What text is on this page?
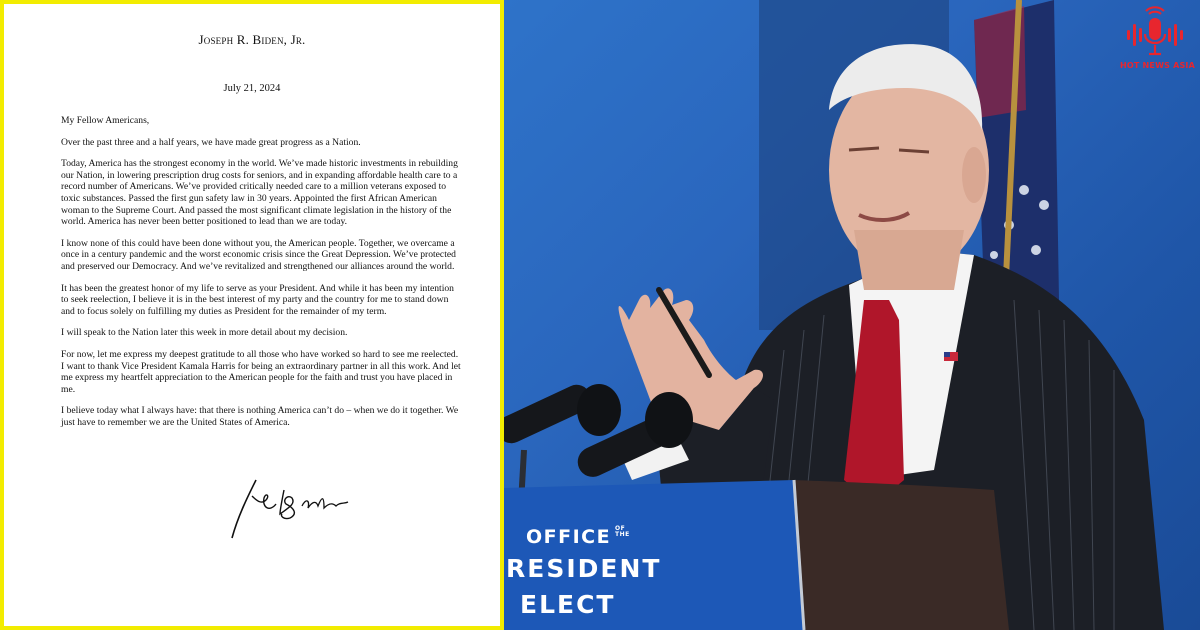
Joseph R. Biden, Jr.
July 21, 2024

My Fellow Americans,

Over the past three and a half years, we have made great progress as a Nation.

Today, America has the strongest economy in the world. We’ve made historic investments in rebuilding our Nation, in lowering prescription drug costs for seniors, and in expanding affordable health care to a record number of Americans. We’ve provided critically needed care to a million veterans exposed to toxic substances. Passed the first gun safety law in 30 years. Appointed the first African American woman to the Supreme Court. And passed the most significant climate legislation in the history of the world. America has never been better positioned to lead than we are today.

I know none of this could have been done without you, the American people. Together, we overcame a once in a century pandemic and the worst economic crisis since the Great Depression. We’ve protected and preserved our Democracy. And we’ve revitalized and strengthened our alliances around the world.

It has been the greatest honor of my life to serve as your President. And while it has been my intention to seek reelection, I believe it is in the best interest of my party and the country for me to stand down and to focus solely on fulfilling my duties as President for the remainder of my term.

I will speak to the Nation later this week in more detail about my decision.

For now, let me express my deepest gratitude to all those who have worked so hard to see me reelected. I want to thank Vice President Kamala Harris for being an extraordinary partner in all this work. And let me express my heartfelt appreciation to the American people for the faith and trust you have placed in me.

I believe today what I always have: that there is nothing America can’t do – when we do it together. We just have to remember we are the United States of America.

OFFICE OF
THE
RESIDENT
ELECT
HOT NEWS ASIA
